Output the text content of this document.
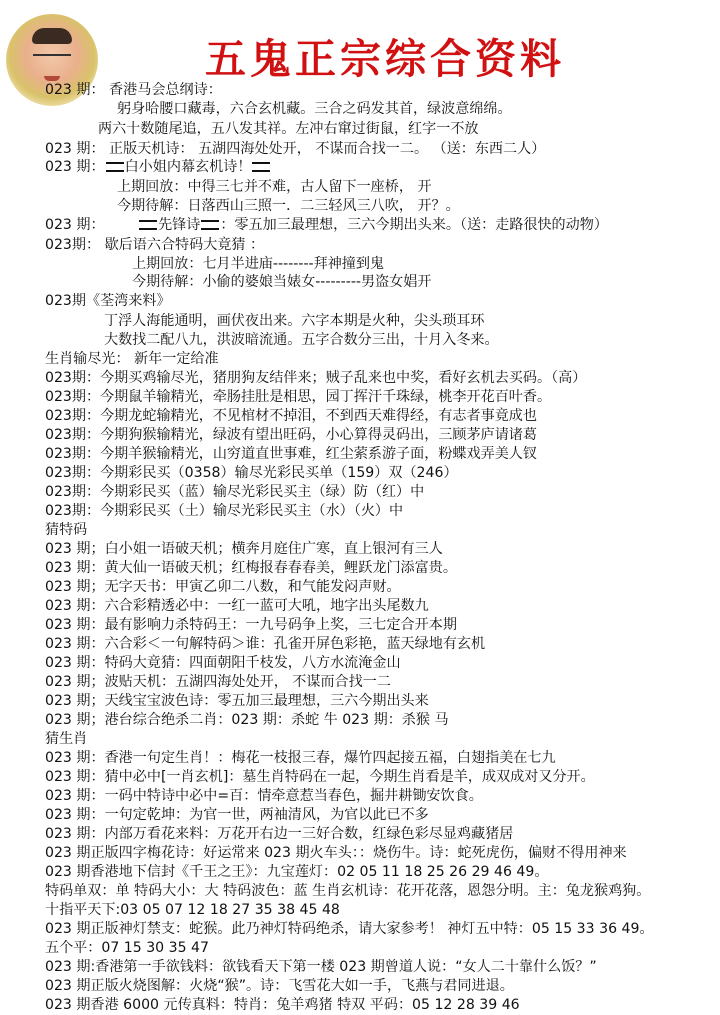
五鬼正宗综合资料
023 期： 香港马会总纲诗：
躬身哈腰口藏毒，六合玄机藏。三合之码发其首，绿波意绵绵。
两六十数随尾追，五八发其祥。左冲右窜过街鼠，红字一不放
023 期： 正版天机诗： 五湖四海处处开， 不谋而合找一二。 （送：东西二人）
023 期： 白小姐内幕玄机诗！
上期回放：中得三七并不难，古人留下一座桥， 开
今期待解：日落西山三照一．二三轻风三八吹， 开？。
023 期：	先锋诗 ：零五加三最理想，三六今期出头来。（送：走路很快的动物）
023期： 歇后语六合特码大竟猜 ：
上期回放：七月半进庙--------拜神撞到鬼
今期待解：小偷的婆娘当婊女---------男盗女娼开
023期《荃湾来料》
丁浮人海能通明，画伏夜出来。六字本期是火种，尖头琐耳环
大数找二配八九，洪波暗流通。五字合数分三出，十月入冬来。
生肖输尽光： 新年一定给准
023期：今期买鸡输尽光，猪朋狗友结伴来；贼子乱来也中奖，看好玄机去买码。（高）
023期：今期鼠羊输精光，牵肠挂肚是相思，园丁挥汗千珠绿，桃李开花百叶香。
023期：今期龙蛇输精光，不见棺材不掉泪，不到西天难得经，有志者事竟成也
023期：今期狗猴输精光，绿波有望出旺码，小心算得灵码出，三顾茅庐请诸葛
023期：今期羊猴输精光，山穷道直世事难，红尘萦系游子面，粉蝶戏弄美人钗
023期：今期彩民买（0358）输尽光彩民买单（159）双（246）
023期：今期彩民买（蓝）输尽光彩民买主（绿）防（红）中
023期：今期彩民买（土）输尽光彩民买主（水）（火）中
猜特码
023 期；白小姐一语破天机；横奔月庭住广寒，直上银河有三人
023 期：黄大仙一语破天机；红梅报春春春美，鲤跃龙门添富贵。
023 期；无字天书：甲寅乙卯二八数，和气能发闷声财。
023 期：六合彩精透必中：一红一蓝可大吼，地字出头尾数九
023 期：最有影响力杀特码王：一九号码争上奖，三七定合开本期
023 期：六合彩＜一句解特码＞谁：孔雀开屏色彩艳，蓝天绿地有玄机
023 期：特码大竟猜：四面朝阳千枝发，八方水流淹金山
023 期；波贴天机：五湖四海处处开， 不谋而合找一二
023 期；天线宝宝波色诗：零五加三最理想，三六今期出头来
023 期；港台综合绝杀二肖：023 期：杀蛇 牛 023 期：杀猴 马
猜生肖
023 期：香港一句定生肖！：梅花一枝报三春，爆竹四起接五福，白翅指美在七九
023 期：猜中必中[一肖玄机]：墓生肖特码在一起，今期生肖看是羊，成双成对又分开。
023 期：一码中特诗中必中=百：情牵意惹当春色，掘井耕锄安饮食。
023 期：一句定乾坤：为官一世，两袖清风，为官以此已不多
023 期：内部万看花来料：万花开右边一三好合数，红绿色彩尽显鸡藏猪居
023 期正版四字梅花诗：好运常来 023 期火车头：：烧伤牛。诗：蛇死虎伤，偏财不得用神来
023 期香港地下信封《千王之王》：九宝莲灯：02 05 11 18 25 26 29 46 49。
特码单双：单 特码大小：大 特码波色：蓝 生肖玄机诗：花开花落，恩怨分明。主：兔龙猴鸡狗。
十指平天下:03 05 07 12 18 27 35 38 45 48
023 期正版神灯禁支：蛇猴。此乃神灯特码绝杀，请大家参考！ 神灯五中特：05 15 33 36 49。
五个平：07 15 30 35 47
023 期:香港第一手欲钱料：欲钱看天下第一楼 023 期曾道人说：“女人二十靠什么饭？”
023 期正版火烧图解：火烧“猴”。诗：飞雪花大如一手，飞燕与君同进退。
023 期香港 6000 元传真料：特肖：兔羊鸡猪 特双 平码：05 12 28 39 46
